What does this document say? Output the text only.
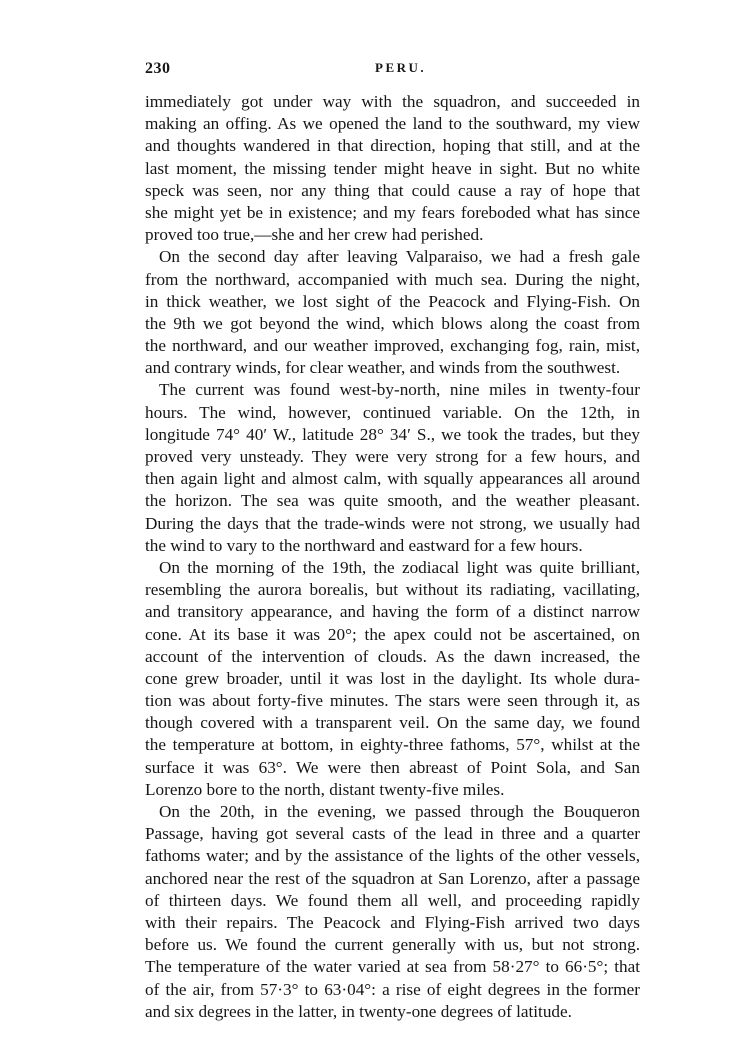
230	PERU.
immediately got under way with the squadron, and succeeded in
making an offing. As we opened the land to the southward, my view
and thoughts wandered in that direction, hoping that still, and at the
last moment, the missing tender might heave in sight. But no white
speck was seen, nor any thing that could cause a ray of hope that
she might yet be in existence; and my fears foreboded what has since
proved too true,—she and her crew had perished.
On the second day after leaving Valparaiso, we had a fresh gale
from the northward, accompanied with much sea. During the night,
in thick weather, we lost sight of the Peacock and Flying-Fish. On
the 9th we got beyond the wind, which blows along the coast from
the northward, and our weather improved, exchanging fog, rain, mist,
and contrary winds, for clear weather, and winds from the southwest.
The current was found west-by-north, nine miles in twenty-four
hours. The wind, however, continued variable. On the 12th, in
longitude 74° 40′ W., latitude 28° 34′ S., we took the trades, but they
proved very unsteady. They were very strong for a few hours, and
then again light and almost calm, with squally appearances all around
the horizon. The sea was quite smooth, and the weather pleasant.
During the days that the trade-winds were not strong, we usually had
the wind to vary to the northward and eastward for a few hours.
On the morning of the 19th, the zodiacal light was quite brilliant,
resembling the aurora borealis, but without its radiating, vacillating,
and transitory appearance, and having the form of a distinct narrow
cone. At its base it was 20°; the apex could not be ascertained, on
account of the intervention of clouds. As the dawn increased, the
cone grew broader, until it was lost in the daylight. Its whole dura-
tion was about forty-five minutes. The stars were seen through it, as
though covered with a transparent veil. On the same day, we found
the temperature at bottom, in eighty-three fathoms, 57°, whilst at the
surface it was 63°. We were then abreast of Point Sola, and San
Lorenzo bore to the north, distant twenty-five miles.
On the 20th, in the evening, we passed through the Bouqueron
Passage, having got several casts of the lead in three and a quarter
fathoms water; and by the assistance of the lights of the other vessels,
anchored near the rest of the squadron at San Lorenzo, after a passage
of thirteen days. We found them all well, and proceeding rapidly
with their repairs. The Peacock and Flying-Fish arrived two days
before us. We found the current generally with us, but not strong.
The temperature of the water varied at sea from 58·27° to 66·5°; that
of the air, from 57·3° to 63·04°: a rise of eight degrees in the former
and six degrees in the latter, in twenty-one degrees of latitude.
